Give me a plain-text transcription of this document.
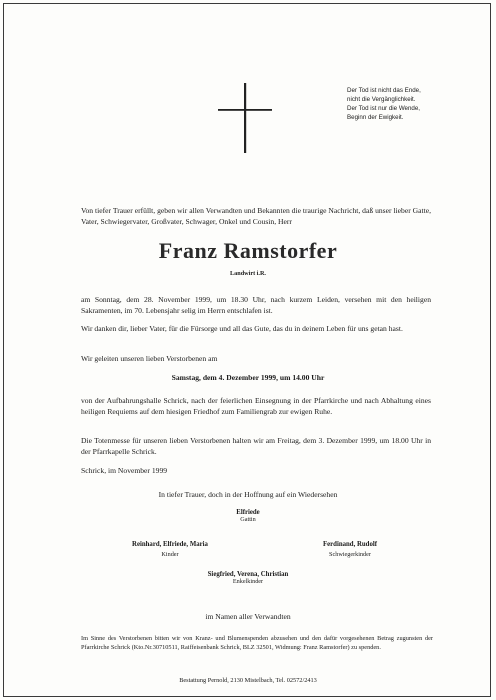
Der Tod ist nicht das Ende,
nicht die Vergänglichkeit.
Der Tod ist nur die Wende,
Beginn der Ewigkeit.
Von tiefer Trauer erfüllt, geben wir allen Verwandten und Bekannten die traurige Nachricht, daß unser lieber Gatte, Vater, Schwiegervater, Großvater, Schwager, Onkel und Cousin, Herr
Franz Ramstorfer
Landwirt i.R.
am Sonntag, dem 28. November 1999, um 18.30 Uhr, nach kurzem Leiden, versehen mit den heiligen Sakramenten, im 70. Lebensjahr selig im Herrn entschlafen ist.
Wir danken dir, lieber Vater, für die Fürsorge und all das Gute, das du in deinem Leben für uns getan hast.
Wir geleiten unseren lieben Verstorbenen am
Samstag, dem 4. Dezember 1999, um 14.00 Uhr
von der Aufbahrungshalle Schrick, nach der feierlichen Einsegnung in der Pfarrkirche und nach Abhaltung eines heiligen Requiems auf dem hiesigen Friedhof zum Familiengrab zur ewigen Ruhe.
Die Totenmesse für unseren lieben Verstorbenen halten wir am Freitag, dem 3. Dezember 1999, um 18.00 Uhr in der Pfarrkapelle Schrick.
Schrick, im November 1999
In tiefer Trauer, doch in der Hoffnung auf ein Wiedersehen
Elfriede
Gattin
Reinhard, Elfriede, Maria
Kinder
Ferdinand, Rudolf
Schwiegerkinder
Siegfried, Verena, Christian
Enkelkinder
im Namen aller Verwandten
Im Sinne des Verstorbenen bitten wir von Kranz- und Blumenspenden abzusehen und den dafür vorgesehenen Betrag zugunsten der Pfarrkirche Schrick (Kto.Nr.30710511, Raiffeisenbank Schrick, BLZ 32501, Widmung: Franz Ramstorfer) zu spenden.
Bestattung Pernold, 2130 Mistelbach, Tel. 02572/2413
